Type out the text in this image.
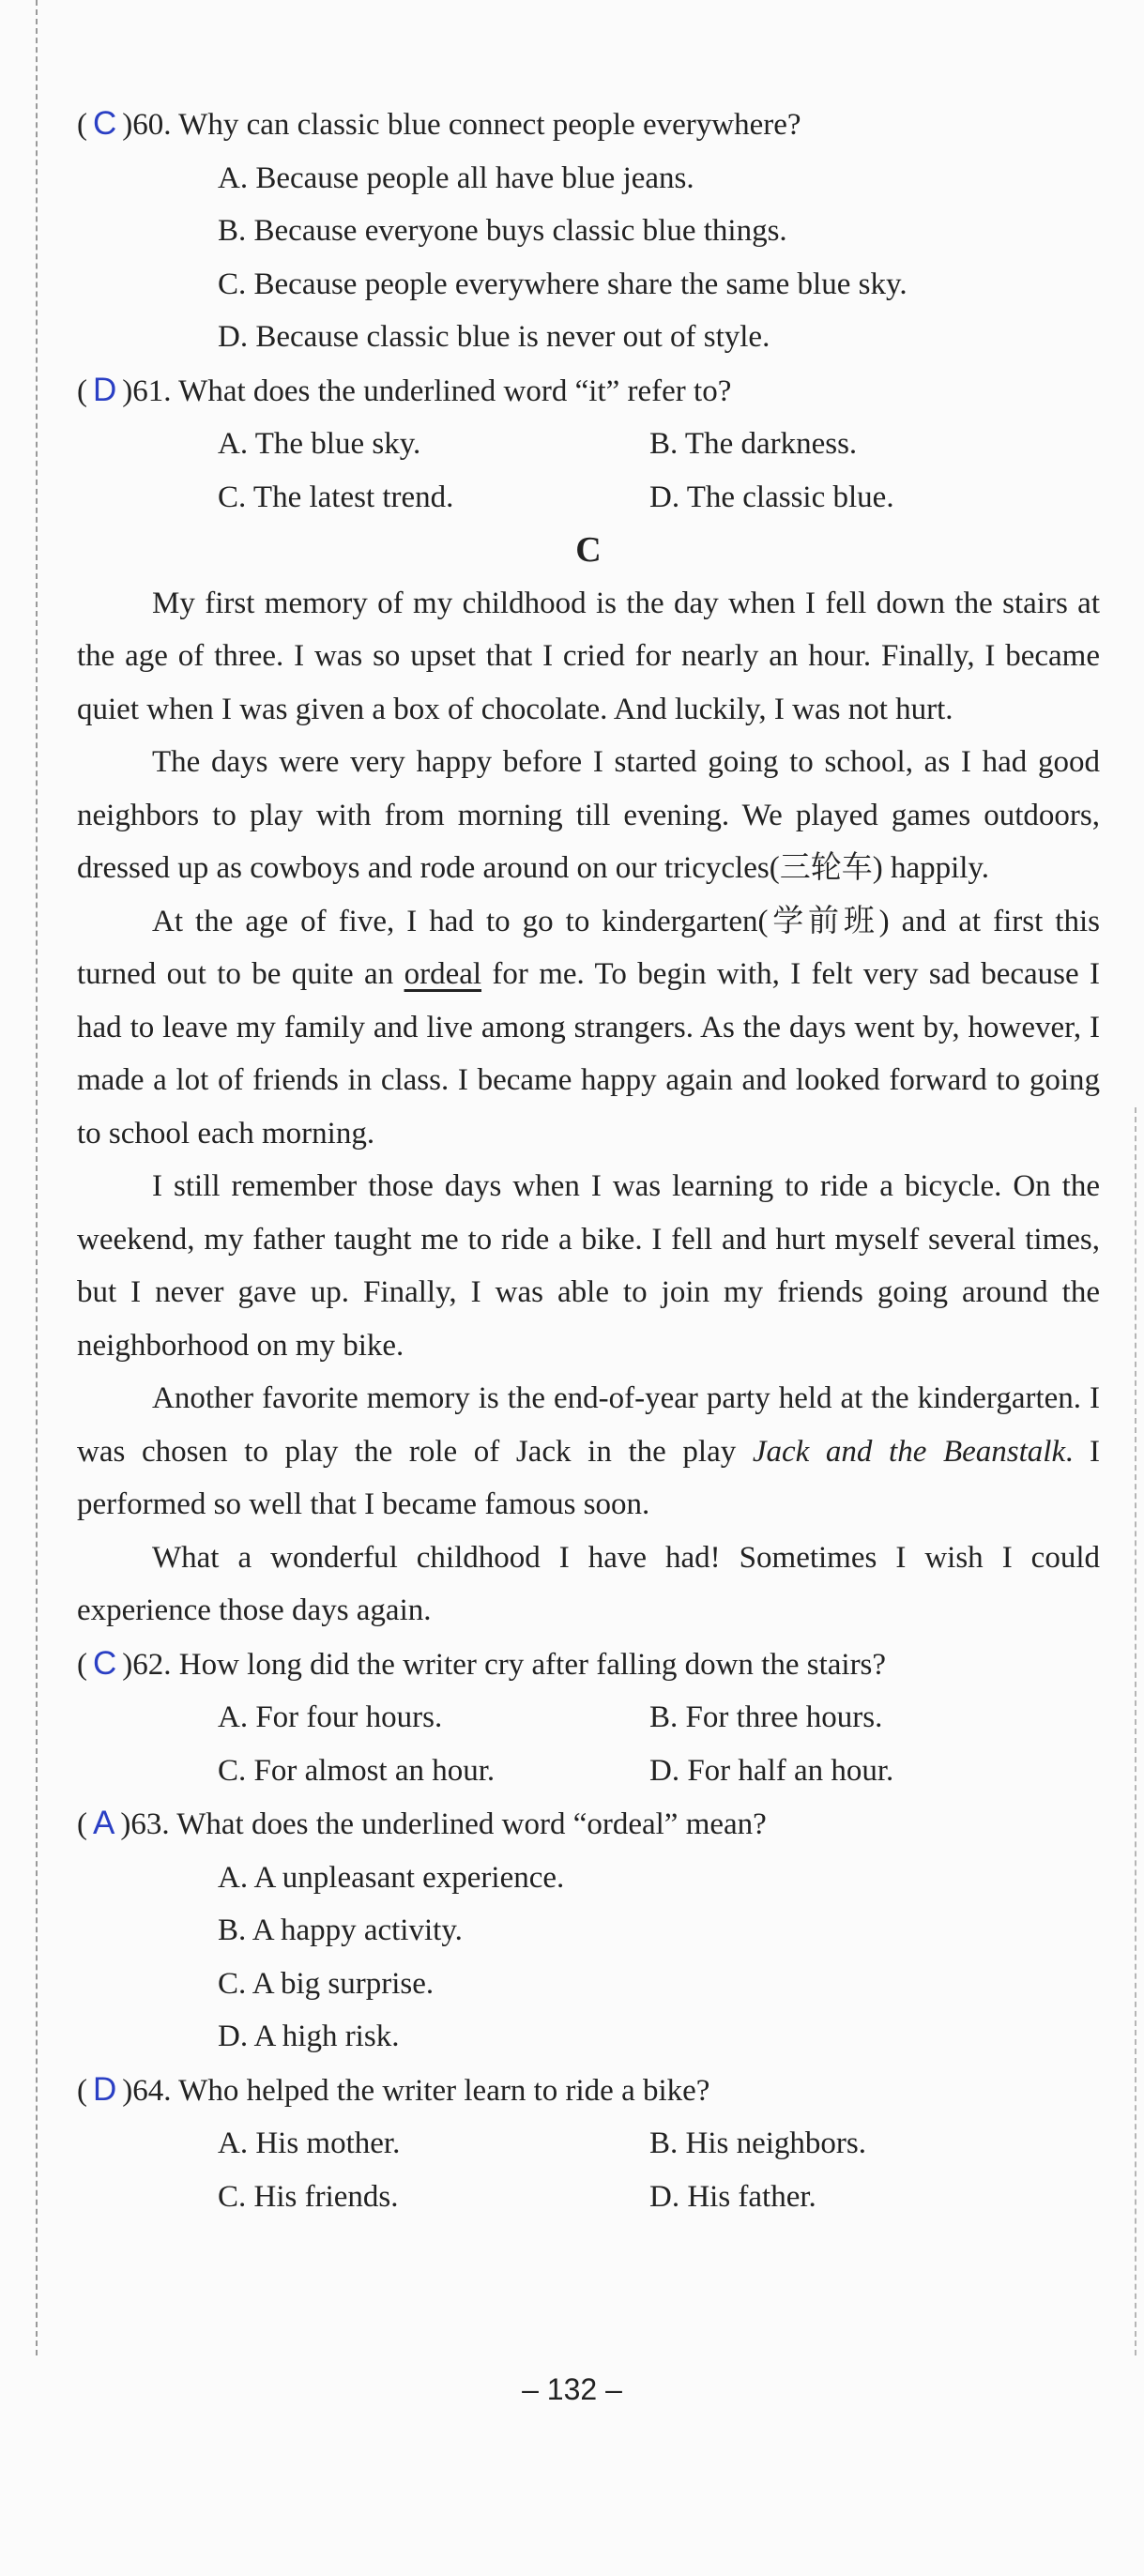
( C )60. Why can classic blue connect people everywhere?
A. Because people all have blue jeans.
B. Because everyone buys classic blue things.
C. Because people everywhere share the same blue sky.
D. Because classic blue is never out of style.
( D )61. What does the underlined word “it” refer to?
A. The blue sky.	B. The darkness.
C. The latest trend.	D. The classic blue.
C

My first memory of my childhood is the day when I fell down the stairs at the age of three. I was so upset that I cried for nearly an hour. Finally, I became quiet when I was given a box of chocolate. And luckily, I was not hurt.

The days were very happy before I started going to school, as I had good neighbors to play with from morning till evening. We played games outdoors, dressed up as cowboys and rode around on our tricycles(三轮车) happily.

At the age of five, I had to go to kindergarten(学前班) and at first this turned out to be quite an ordeal for me. To begin with, I felt very sad because I had to leave my family and live among strangers. As the days went by, however, I made a lot of friends in class. I became happy again and looked forward to going to school each morning.

I still remember those days when I was learning to ride a bicycle. On the weekend, my father taught me to ride a bike. I fell and hurt myself several times, but I never gave up. Finally, I was able to join my friends going around the neighborhood on my bike.

Another favorite memory is the end-of-year party held at the kindergarten. I was chosen to play the role of Jack in the play Jack and the Beanstalk. I performed so well that I became famous soon.

What a wonderful childhood I have had! Sometimes I wish I could experience those days again.

( C )62. How long did the writer cry after falling down the stairs?
A. For four hours.	B. For three hours.
C. For almost an hour.	D. For half an hour.
( A )63. What does the underlined word “ordeal” mean?
A. A unpleasant experience.
B. A happy activity.
C. A big surprise.
D. A high risk.
( D )64. Who helped the writer learn to ride a bike?
A. His mother.	B. His neighbors.
C. His friends.	D. His father.
– 132 –
